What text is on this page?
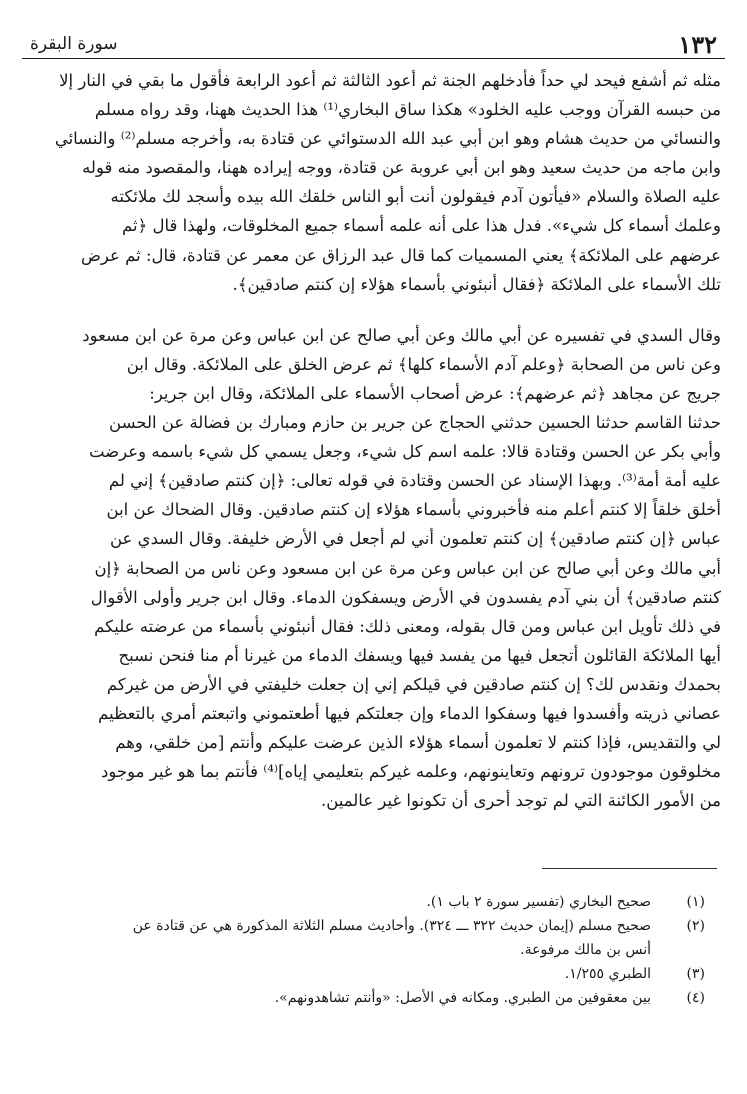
١٣٢
سورة البقرة
مثله ثم أشفع فيحد لي حداً فأدخلهم الجنة ثم أعود الثالثة ثم أعود الرابعة فأقول ما بقي في النار إلا
من حبسه القرآن ووجب عليه الخلود» هكذا ساق البخاري⁽¹⁾ هذا الحديث ههنا، وقد رواه مسلم
والنسائي من حديث هشام وهو ابن أبي عبد الله الدستوائي عن قتادة به، وأخرجه مسلم⁽²⁾ والنسائي
وابن ماجه من حديث سعيد وهو ابن أبي عروبة عن قتادة، ووجه إيراده ههنا، والمقصود منه قوله
عليه الصلاة والسلام «فيأتون آدم فيقولون أنت أبو الناس خلقك الله بيده وأسجد لك ملائكته
وعلمك أسماء كل شيء». فدل هذا على أنه علمه أسماء جميع المخلوقات، ولهذا قال ﴿ثم
عرضهم على الملائكة﴾ يعني المسميات كما قال عبد الرزاق عن معمر عن قتادة، قال: ثم عرض
تلك الأسماء على الملائكة ﴿فقال أنبئوني بأسماء هؤلاء إن كنتم صادقين﴾.
وقال السدي في تفسيره عن أبي مالك وعن أبي صالح عن ابن عباس وعن مرة عن ابن مسعود
وعن ناس من الصحابة ﴿وعلم آدم الأسماء كلها﴾ ثم عرض الخلق على الملائكة. وقال ابن
جريج عن مجاهد ﴿ثم عرضهم﴾: عرض أصحاب الأسماء على الملائكة، وقال ابن جرير:
حدثنا القاسم حدثنا الحسين حدثني الحجاج عن جرير بن حازم ومبارك بن فضالة عن الحسن
وأبي بكر عن الحسن وقتادة قالا: علمه اسم كل شيء، وجعل يسمي كل شيء باسمه وعرضت
عليه أمة أمة⁽³⁾. وبهذا الإسناد عن الحسن وقتادة في قوله تعالى: ﴿إن كنتم صادقين﴾ إني لم
أخلق خلقاً إلا كنتم أعلم منه فأخبروني بأسماء هؤلاء إن كنتم صادقين. وقال الضحاك عن ابن
عباس ﴿إن كنتم صادقين﴾ إن كنتم تعلمون أني لم أجعل في الأرض خليفة. وقال السدي عن
أبي مالك وعن أبي صالح عن ابن عباس وعن مرة عن ابن مسعود وعن ناس من الصحابة ﴿إن
كنتم صادقين﴾ أن بني آدم يفسدون في الأرض ويسفكون الدماء. وقال ابن جرير وأولى الأقوال
في ذلك تأويل ابن عباس ومن قال بقوله، ومعنى ذلك: فقال أنبئوني بأسماء من عرضته عليكم
أيها الملائكة القائلون أتجعل فيها من يفسد فيها ويسفك الدماء من غيرنا أم منا فنحن نسبح
بحمدك ونقدس لك؟ إن كنتم صادقين في قيلكم إني إن جعلت خليفتي في الأرض من غيركم
عصاني ذريته وأفسدوا فيها وسفكوا الدماء وإن جعلتكم فيها أطعتموني واتبعتم أمري بالتعظيم
لي والتقديس، فإذا كنتم لا تعلمون أسماء هؤلاء الذين عرضت عليكم وأنتم [من خلقي، وهم
مخلوقون موجودون ترونهم وتعاينونهم، وعلمه غيركم بتعليمي إياه]⁽⁴⁾ فأنتم بما هو غير موجود
من الأمور الكائنة التي لم توجد أحرى أن تكونوا غير عالمين.
(١)
صحيح البخاري (تفسير سورة ٢ باب ١).
(٢)
صحيح مسلم (إيمان حديث ٣٢٢ ـــ ٣٢٤). وأحاديث مسلم الثلاثة المذكورة هي عن قتادة عن
أنس بن مالك مرفوعة.
(٣)
الطبري ١/٢٥٥.
(٤)
بين معقوفين من الطبري. ومكانه في الأصل: «وأنتم تشاهدونهم».
